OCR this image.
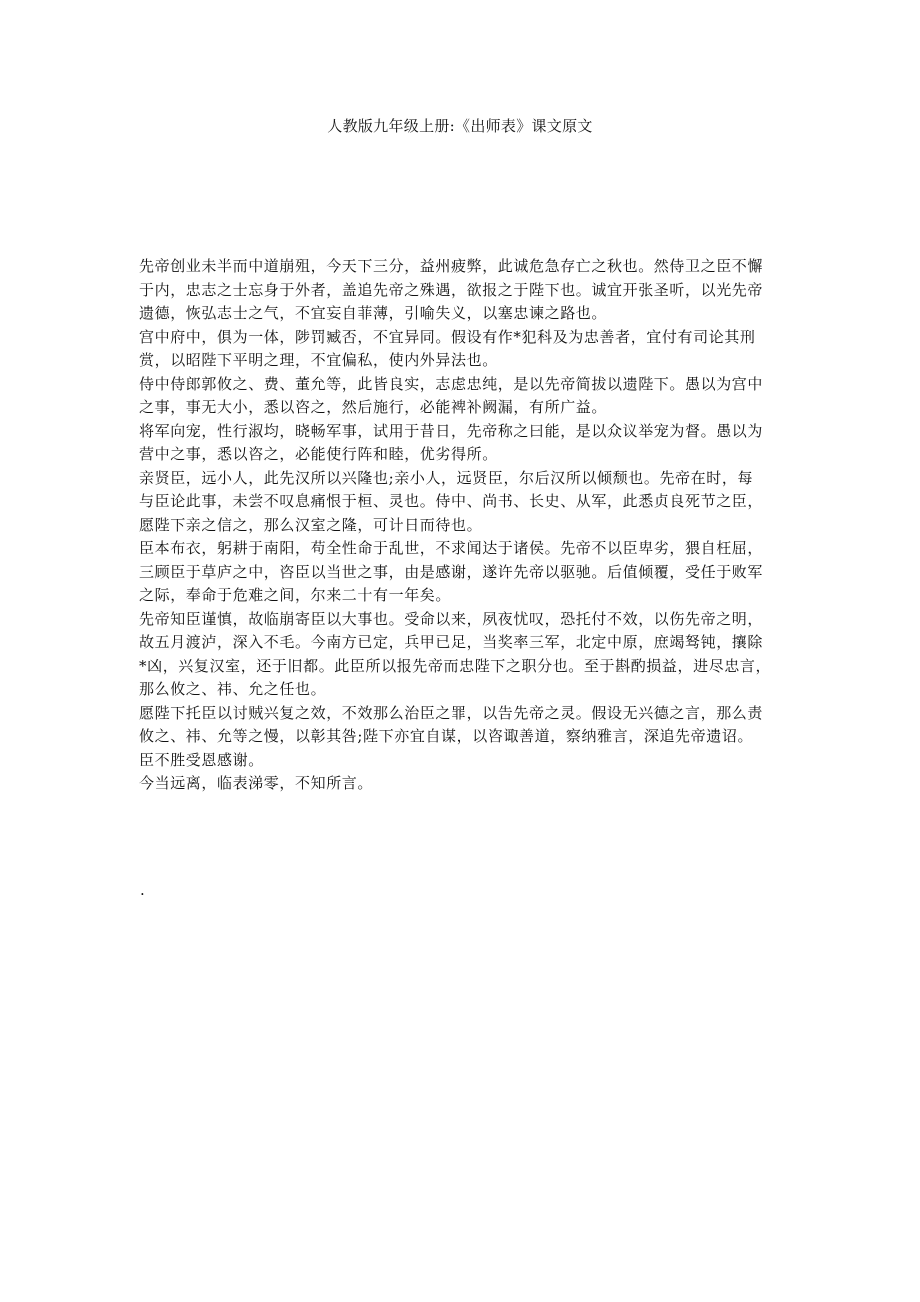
人教版九年级上册:《出师表》课文原文

先帝创业未半而中道崩殂，今天下三分，益州疲弊，此诚危急存亡之秋也。然侍卫之臣不懈
于内，忠志之士忘身于外者，盖追先帝之殊遇，欲报之于陛下也。诚宜开张圣听，以光先帝
遗德，恢弘志士之气，不宜妄自菲薄，引喻失义，以塞忠谏之路也。

宫中府中，俱为一体，陟罚臧否，不宜异同。假设有作*犯科及为忠善者，宜付有司论其刑
赏，以昭陛下平明之理，不宜偏私，使内外异法也。

侍中侍郎郭攸之、费、董允等，此皆良实，志虑忠纯，是以先帝简拔以遗陛下。愚以为宫中
之事，事无大小，悉以咨之，然后施行，必能裨补阙漏，有所广益。

将军向宠，性行淑均，晓畅军事，试用于昔日，先帝称之曰能，是以众议举宠为督。愚以为
营中之事，悉以咨之，必能使行阵和睦，优劣得所。

亲贤臣，远小人，此先汉所以兴隆也;亲小人，远贤臣，尔后汉所以倾颓也。先帝在时，每
与臣论此事，未尝不叹息痛恨于桓、灵也。侍中、尚书、长史、从军，此悉贞良死节之臣，
愿陛下亲之信之，那么汉室之隆，可计日而待也。

臣本布衣，躬耕于南阳，苟全性命于乱世，不求闻达于诸侯。先帝不以臣卑劣，猥自枉屈，
三顾臣于草庐之中，咨臣以当世之事，由是感谢，遂许先帝以驱驰。后值倾覆，受任于败军
之际，奉命于危难之间，尔来二十有一年矣。

先帝知臣谨慎，故临崩寄臣以大事也。受命以来，夙夜忧叹，恐托付不效，以伤先帝之明，
故五月渡泸，深入不毛。今南方已定，兵甲已足，当奖率三军，北定中原，庶竭驽钝，攘除
*凶，兴复汉室，还于旧都。此臣所以报先帝而忠陛下之职分也。至于斟酌损益，进尽忠言，
那么攸之、祎、允之任也。

愿陛下托臣以讨贼兴复之效，不效那么治臣之罪，以告先帝之灵。假设无兴德之言，那么责
攸之、祎、允等之慢，以彰其咎;陛下亦宜自谋，以咨诹善道，察纳雅言，深追先帝遗诏。
臣不胜受恩感谢。

今当远离，临表涕零，不知所言。

.
